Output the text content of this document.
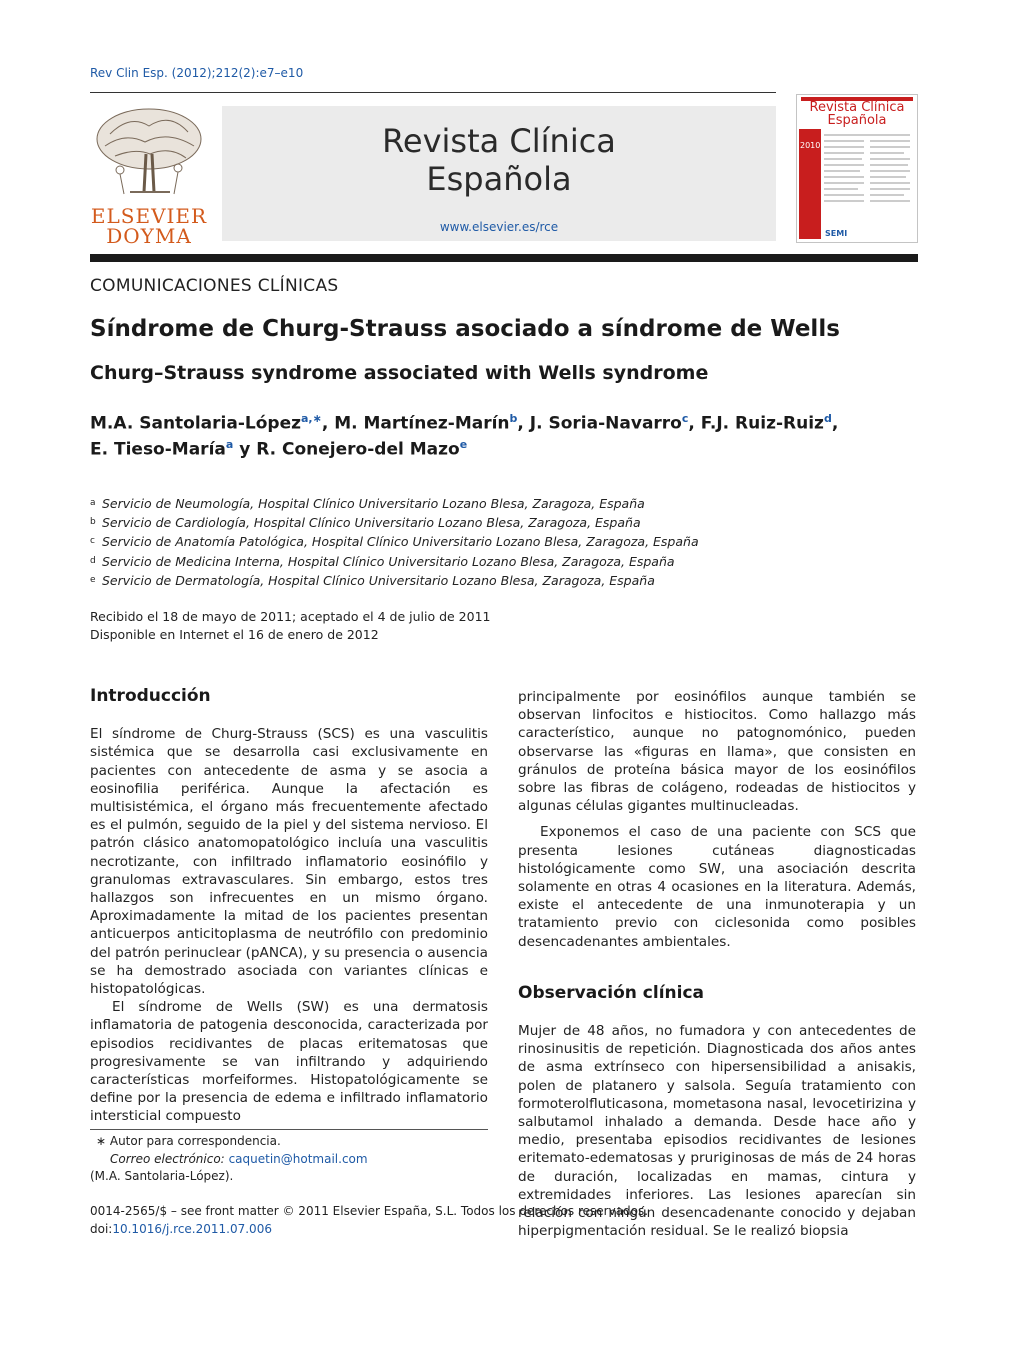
Rev Clin Esp. (2012);212(2):e7–e10
ELSEVIER
DOYMA
Revista Clínica
Española
www.elsevier.es/rce
Revista Clínica
Española
2010
SEMI
COMUNICACIONES CLÍNICAS
Síndrome de Churg-Strauss asociado a síndrome de Wells
Churg–Strauss syndrome associated with Wells syndrome
M.A. Santolaria-López$^{a,∗}$, M. Martínez-Marín$^b$, J. Soria-Navarro$^c$, F.J. Ruiz-Ruiz$^d$,
E. Tieso-María$^a$ y R. Conejero-del Mazo$^e$
a Servicio de Neumología, Hospital Clínico Universitario Lozano Blesa, Zaragoza, España
b Servicio de Cardiología, Hospital Clínico Universitario Lozano Blesa, Zaragoza, España
c Servicio de Anatomía Patológica, Hospital Clínico Universitario Lozano Blesa, Zaragoza, España
d Servicio de Medicina Interna, Hospital Clínico Universitario Lozano Blesa, Zaragoza, España
e Servicio de Dermatología, Hospital Clínico Universitario Lozano Blesa, Zaragoza, España
Recibido el 18 de mayo de 2011; aceptado el 4 de julio de 2011
Disponible en Internet el 16 de enero de 2012
Introducción

El síndrome de Churg-Strauss (SCS) es una vasculitis sistémica que se desarrolla casi exclusivamente en pacientes con antecedente de asma y se asocia a eosinofilia periférica. Aunque la afectación es multisistémica, el órgano más frecuentemente afectado es el pulmón, seguido de la piel y del sistema nervioso. El patrón clásico anatomopatológico incluía una vasculitis necrotizante, con infiltrado inflamatorio eosinófilo y granulomas extravasculares. Sin embargo, estos tres hallazgos son infrecuentes en un mismo órgano. Aproximadamente la mitad de los pacientes presentan anticuerpos anticitoplasma de neutrófilo con predominio del patrón perinuclear (pANCA), y su presencia o ausencia se ha demostrado asociada con variantes clínicas e histopatológicas.

El síndrome de Wells (SW) es una dermatosis inflamatoria de patogenia desconocida, caracterizada por episodios recidivantes de placas eritematosas que progresivamente se van infiltrando y adquiriendo características morfeiformes. Histopatológicamente se define por la presencia de edema e infiltrado inflamatorio intersticial compuesto

principalmente por eosinófilos aunque también se observan linfocitos e histiocitos. Como hallazgo más característico, aunque no patognomónico, pueden observarse las «figuras en llama», que consisten en gránulos de proteína básica mayor de los eosinófilos sobre las fibras de colágeno, rodeadas de histiocitos y algunas células gigantes multinucleadas.

Exponemos el caso de una paciente con SCS que presenta lesiones cutáneas diagnosticadas histológicamente como SW, una asociación descrita solamente en otras 4 ocasiones en la literatura. Además, existe el antecedente de una inmunoterapia y un tratamiento previo con ciclesonida como posibles desencadenantes ambientales.

Observación clínica

Mujer de 48 años, no fumadora y con antecedentes de rinosinusitis de repetición. Diagnosticada dos años antes de asma extrínseco con hipersensibilidad a anisakis, polen de platanero y salsola. Seguía tratamiento con formoterolfluticasona, mometasona nasal, levocetirizina y salbutamol inhalado a demanda. Desde hace año y medio, presentaba episodios recidivantes de lesiones eritemato-edematosas y pruriginosas de más de 24 horas de duración, localizadas en mamas, cintura y extremidades inferiores. Las lesiones aparecían sin relación con ningún desencadenante conocido y dejaban hiperpigmentación residual. Se le realizó biopsia

∗ Autor para correspondencia.
Correo electrónico: caquetin@hotmail.com
(M.A. Santolaria-López).
0014-2565/$ – see front matter © 2011 Elsevier España, S.L. Todos los derechos reservados.
doi:10.1016/j.rce.2011.07.006
